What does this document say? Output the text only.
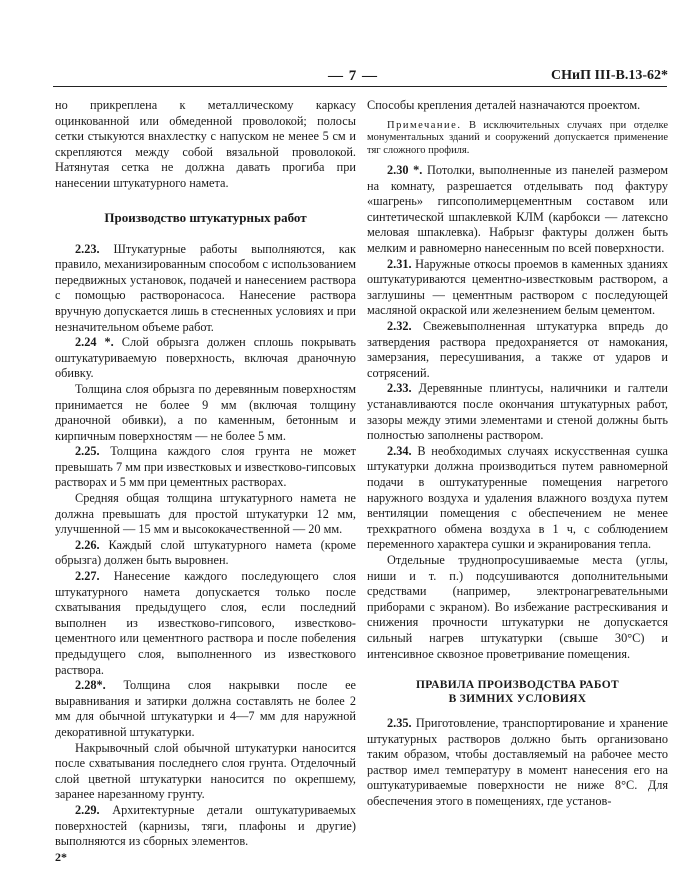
— 7 —	СНиП III-В.13-62*

но прикреплена к металлическому каркасу оцинкованной или обмеденной проволокой; полосы сетки стыкуются внахлестку с напуском не менее 5 см и скрепляются между собой вязальной проволокой. Натянутая сетка не должна давать прогиба при нанесении штукатурного намета.

Производство штукатурных работ

2.23. Штукатурные работы выполняются, как правило, механизированным способом с использованием передвижных установок, подачей и нанесением раствора с помощью растворонасоса. Нанесение раствора вручную допускается лишь в стесненных условиях и при незначительном объеме работ.

2.24 *. Слой обрызга должен сплошь покрывать оштукатуриваемую поверхность, включая драночную обивку.

Толщина слоя обрызга по деревянным поверхностям принимается не более 9 мм (включая толщину драночной обивки), а по каменным, бетонным и кирпичным поверхностям — не более 5 мм.

2.25. Толщина каждого слоя грунта не может превышать 7 мм при известковых и известково-гипсовых растворах и 5 мм при цементных растворах.

Средняя общая толщина штукатурного намета не должна превышать для простой штукатурки 12 мм, улучшенной — 15 мм и высококачественной — 20 мм.

2.26. Каждый слой штукатурного намета (кроме обрызга) должен быть выровнен.

2.27. Нанесение каждого последующего слоя штукатурного намета допускается только после схватывания предыдущего слоя, если последний выполнен из известково-гипсового, известково-цементного или цементного раствора и после побеления предыдущего слоя, выполненного из известкового раствора.

2.28*. Толщина слоя накрывки после ее выравнивания и затирки должна составлять не более 2 мм для обычной штукатурки и 4—7 мм для наружной декоративной штукатурки.

Накрывочный слой обычной штукатурки наносится после схватывания последнего слоя грунта. Отделочный слой цветной штукатурки наносится по окрепшему, заранее нарезанному грунту.

2.29. Архитектурные детали оштукатуриваемых поверхностей (карнизы, тяги, плафоны и другие) выполняются из сборных элементов.

2*

Способы крепления деталей назначаются проектом.

Примечание. В исключительных случаях при отделке монументальных зданий и сооружений допускается применение тяг сложного профиля.

2.30 *. Потолки, выполненные из панелей размером на комнату, разрешается отделывать под фактуру «шагрень» гипсополимерцементным составом или синтетической шпаклевкой КЛМ (карбокси — латексно меловая шпаклевка). Набрызг фактуры должен быть мелким и равномерно нанесенным по всей поверхности.

2.31. Наружные откосы проемов в каменных зданиях оштукатуриваются цементно-известковым раствором, а заглушины — цементным раствором с последующей масляной окраской или железнением белым цементом.

2.32. Свежевыполненная штукатурка впредь до затвердения раствора предохраняется от намокания, замерзания, пересушивания, а также от ударов и сотрясений.

2.33. Деревянные плинтусы, наличники и галтели устанавливаются после окончания штукатурных работ, зазоры между этими элементами и стеной должны быть полностью заполнены раствором.

2.34. В необходимых случаях искусственная сушка штукатурки должна производиться путем равномерной подачи в оштукатуренные помещения нагретого наружного воздуха и удаления влажного воздуха путем вентиляции помещения с обеспечением не менее трехкратного обмена воздуха в 1 ч, с соблюдением переменного характера сушки и экранирования тепла.

Отдельные труднопросушиваемые места (углы, ниши и т. п.) подсушиваются дополнительными средствами (например, электронагревательными приборами с экраном). Во избежание растрескивания и снижения прочности штукатурки не допускается сильный нагрев штукатурки (свыше 30°С) и интенсивное сквозное проветривание помещения.

ПРАВИЛА ПРОИЗВОДСТВА РАБОТ
В ЗИМНИХ УСЛОВИЯХ

2.35. Приготовление, транспортирование и хранение штукатурных растворов должно быть организовано таким образом, чтобы доставляемый на рабочее место раствор имел температуру в момент нанесения его на оштукатуриваемые поверхности не ниже 8°С. Для обеспечения этого в помещениях, где установ-
